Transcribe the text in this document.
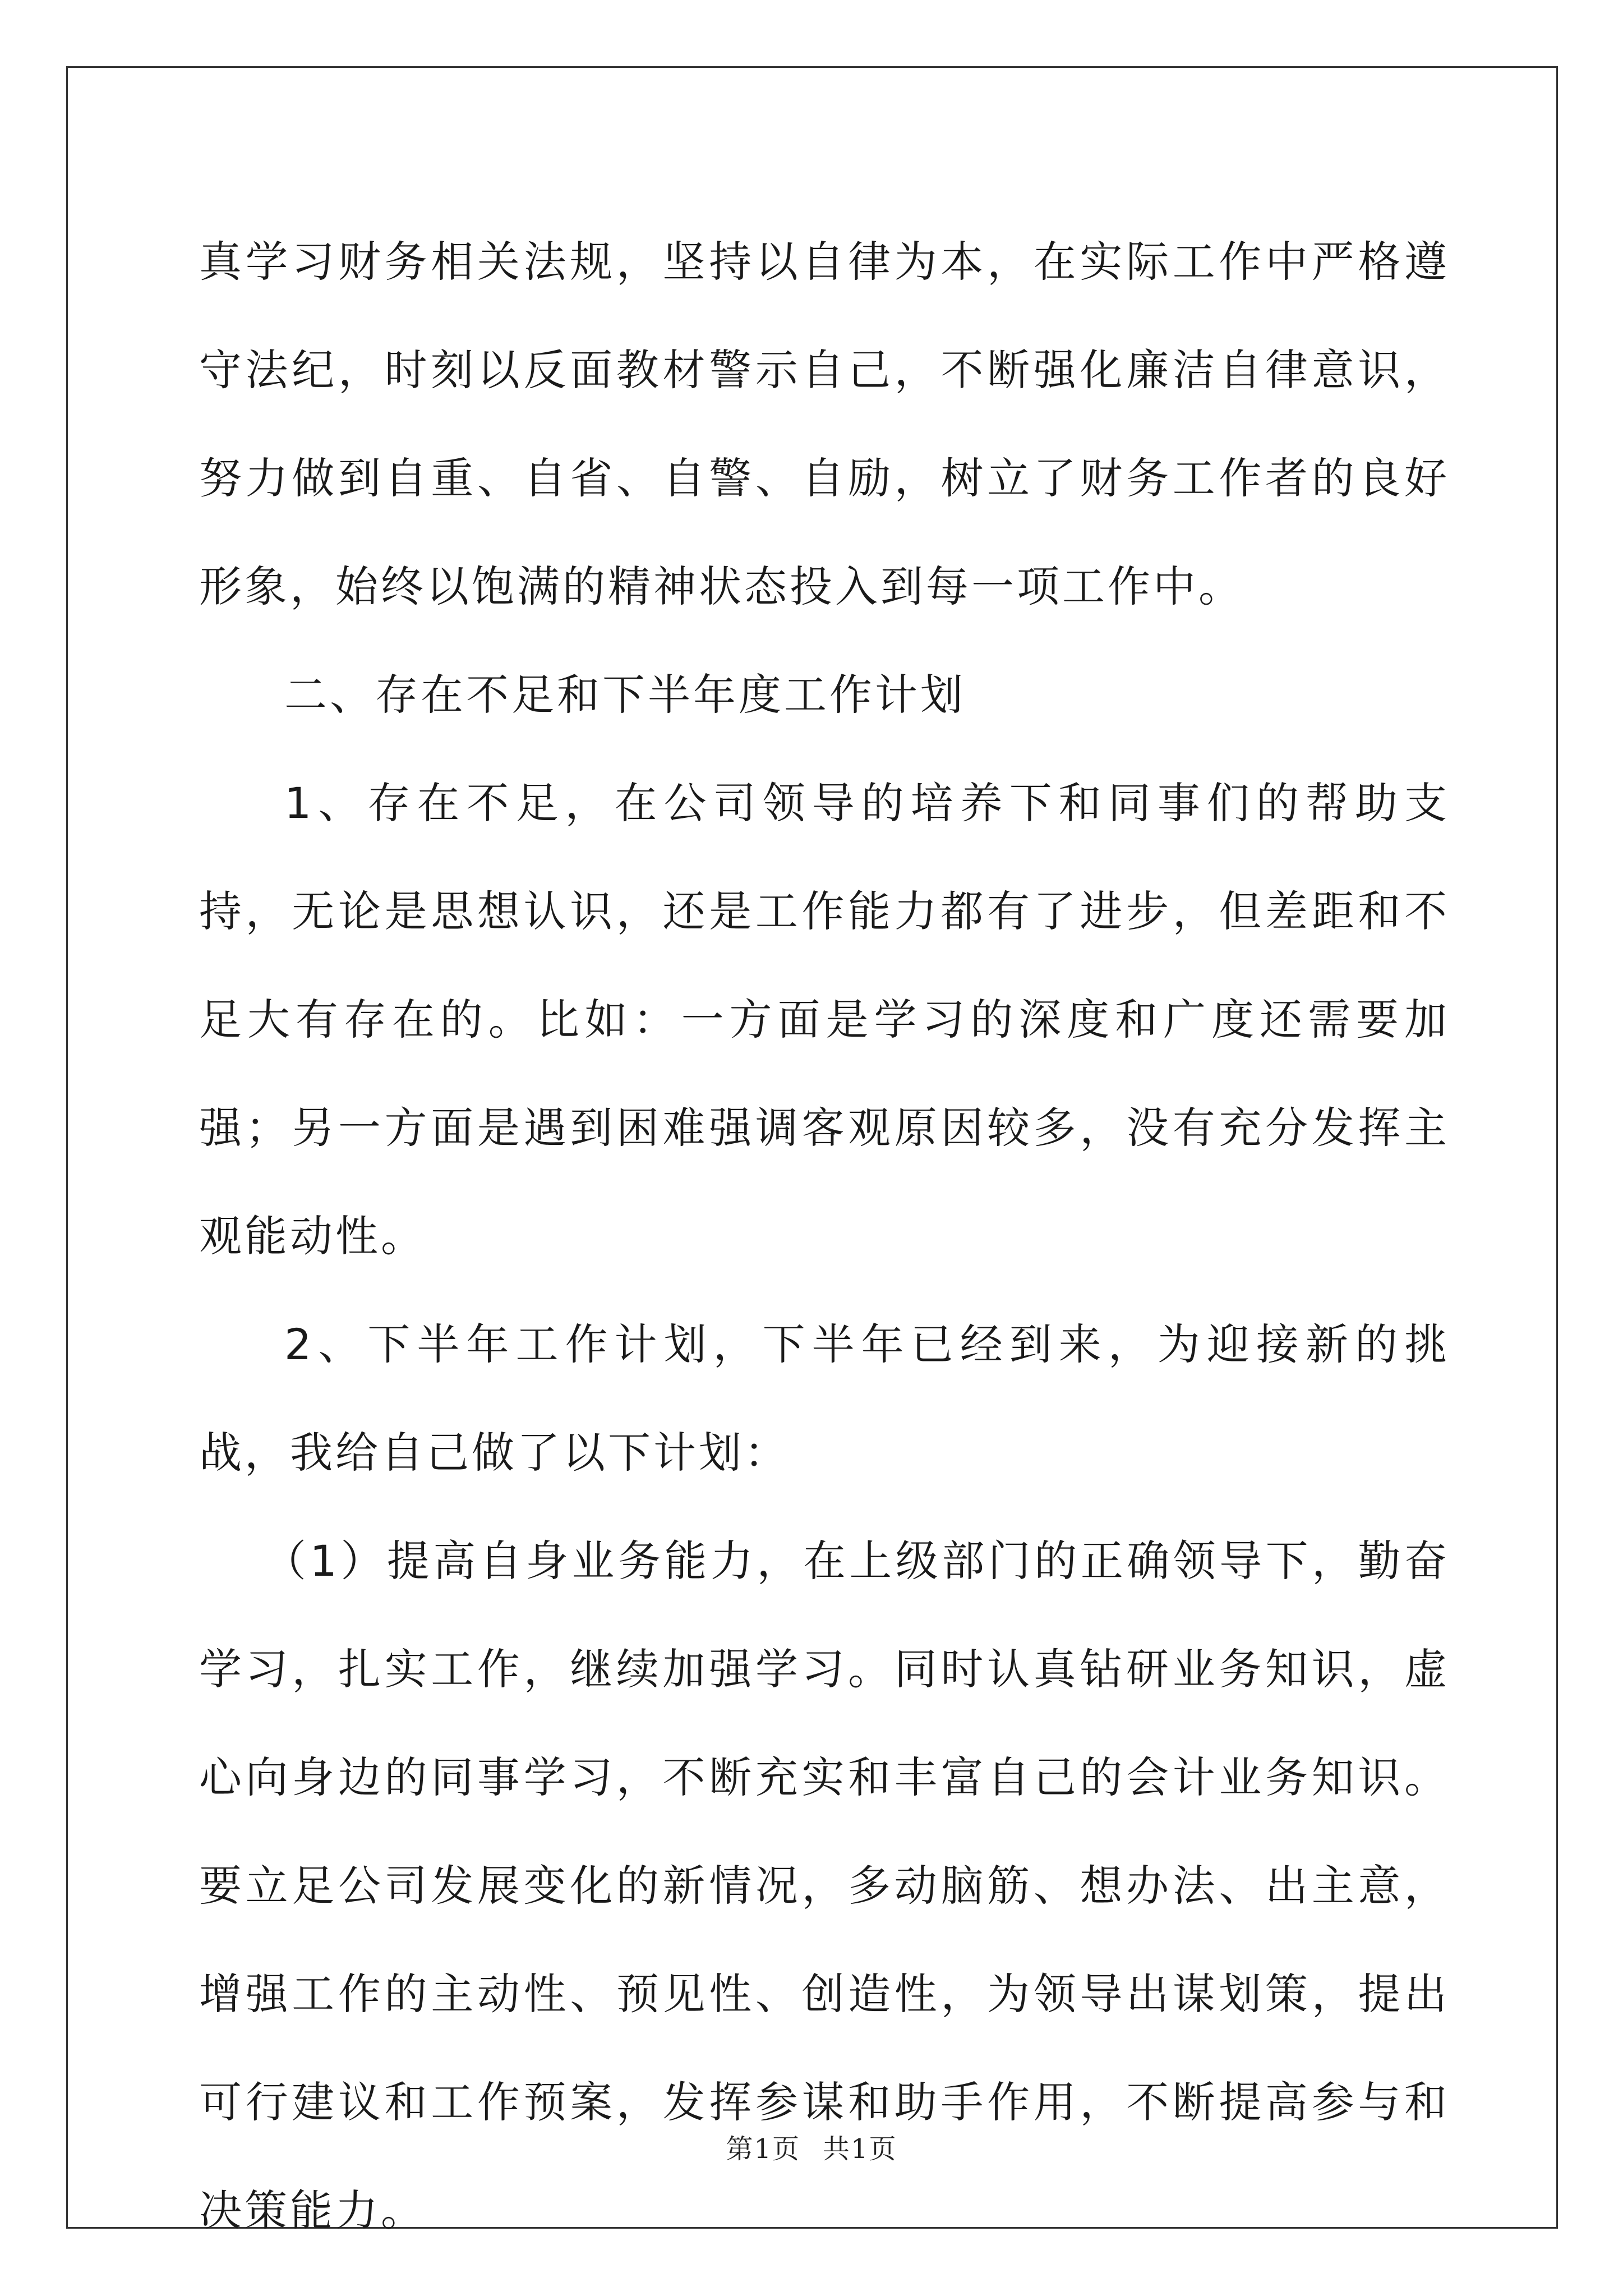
真学习财务相关法规，坚持以自律为本，在实际工作中严格遵守法纪，时刻以反面教材警示自己，不断强化廉洁自律意识，努力做到自重、自省、自警、自励，树立了财务工作者的良好形象，始终以饱满的精神状态投入到每一项工作中。

二、存在不足和下半年度工作计划

1、存在不足，在公司领导的培养下和同事们的帮助支持，无论是思想认识，还是工作能力都有了进步，但差距和不足大有存在的。比如：一方面是学习的深度和广度还需要加强；另一方面是遇到困难强调客观原因较多，没有充分发挥主观能动性。

2、下半年工作计划，下半年已经到来，为迎接新的挑战，我给自己做了以下计划：

（1）提高自身业务能力，在上级部门的正确领导下，勤奋学习，扎实工作，继续加强学习。同时认真钻研业务知识，虚心向身边的同事学习，不断充实和丰富自己的会计业务知识。要立足公司发展变化的新情况，多动脑筋、想办法、出主意，增强工作的主动性、预见性、创造性，为领导出谋划策，提出可行建议和工作预案，发挥参谋和助手作用，不断提高参与和决策能力。

第1页 共1页
